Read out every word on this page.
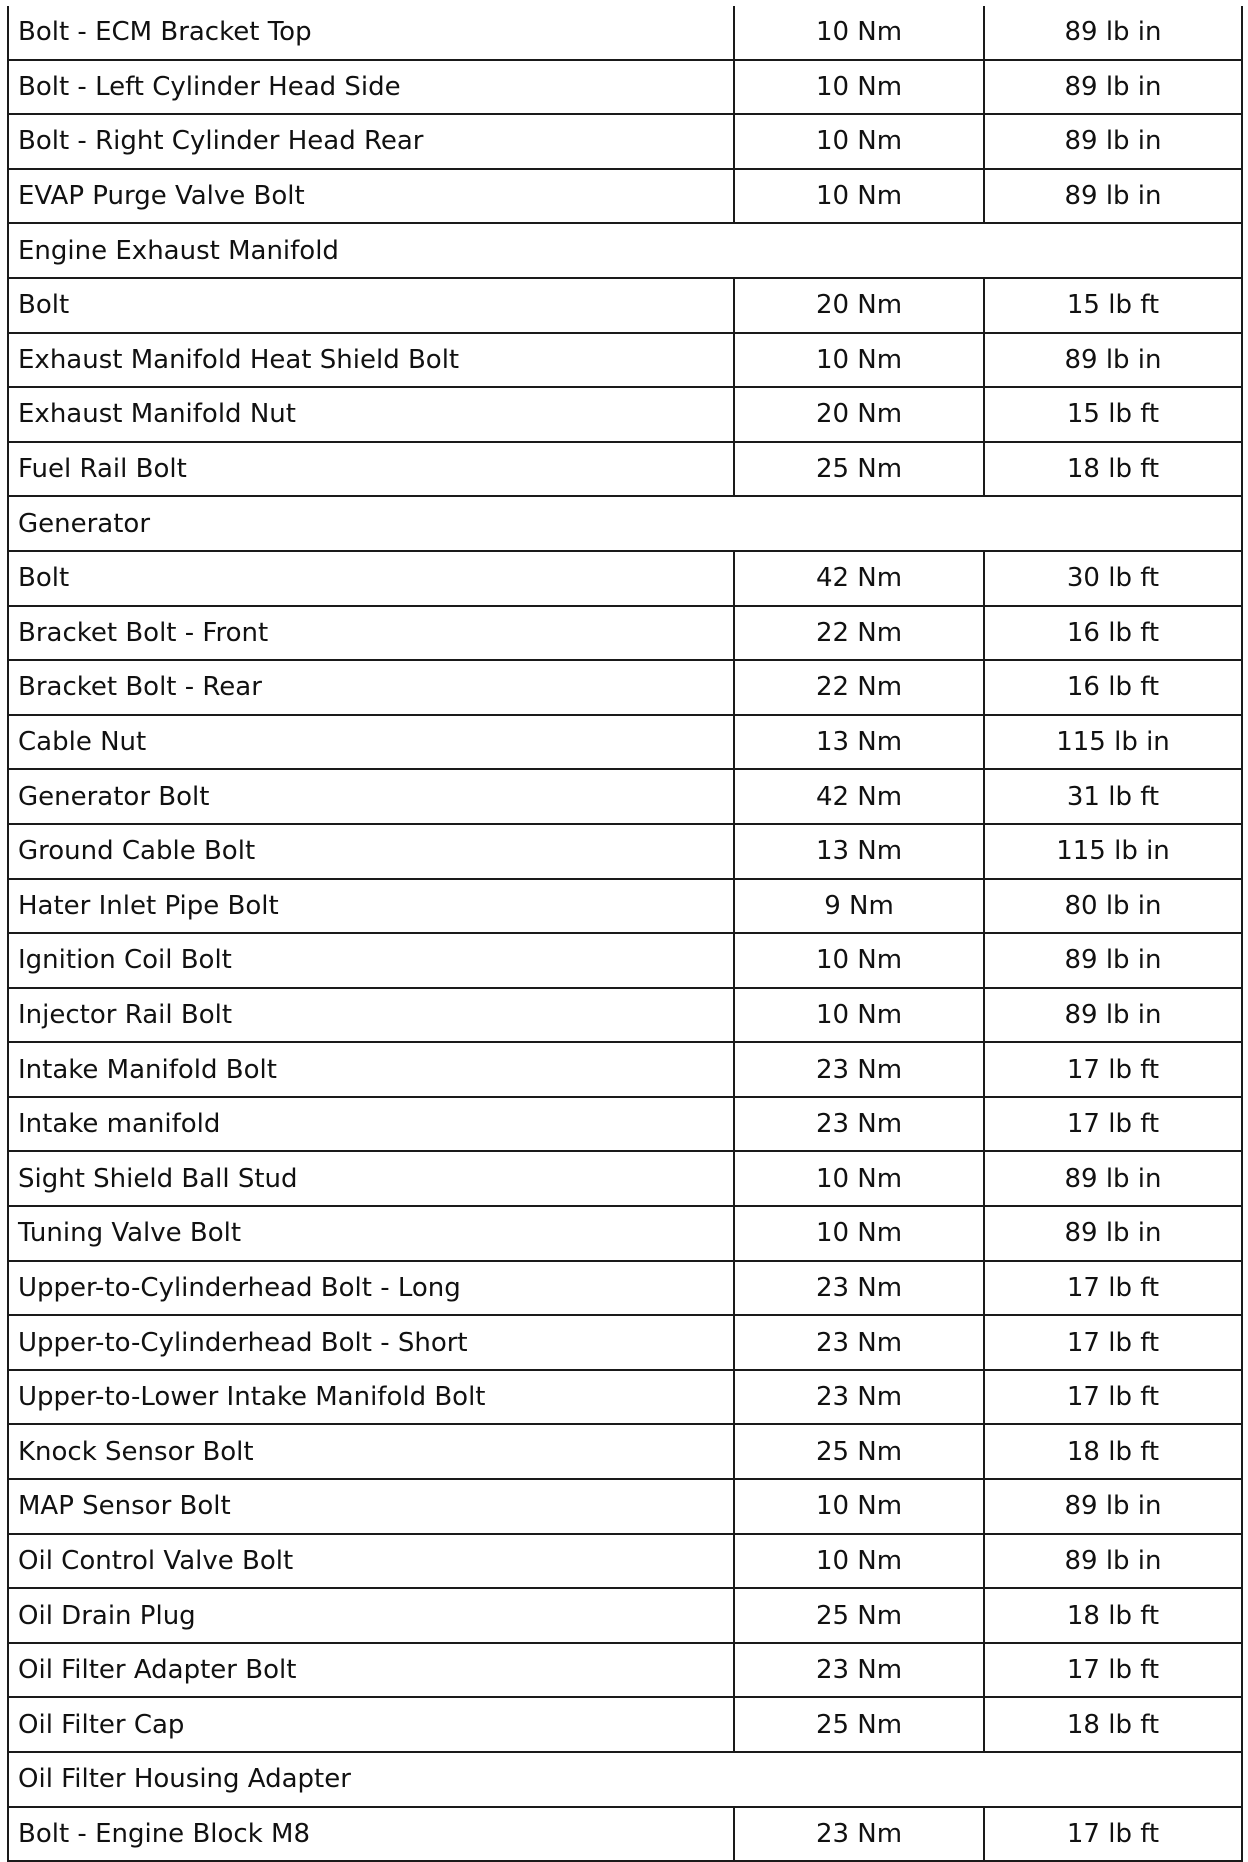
Bolt - ECM Bracket Top	10 Nm	89 lb in
Bolt - Left Cylinder Head Side	10 Nm	89 lb in
Bolt - Right Cylinder Head Rear	10 Nm	89 lb in
EVAP Purge Valve Bolt	10 Nm	89 lb in
Engine Exhaust Manifold		
Bolt	20 Nm	15 lb ft
Exhaust Manifold Heat Shield Bolt	10 Nm	89 lb in
Exhaust Manifold Nut	20 Nm	15 lb ft
Fuel Rail Bolt	25 Nm	18 lb ft
Generator		
Bolt	42 Nm	30 lb ft
Bracket Bolt - Front	22 Nm	16 lb ft
Bracket Bolt - Rear	22 Nm	16 lb ft
Cable Nut	13 Nm	115 lb in
Generator Bolt	42 Nm	31 lb ft
Ground Cable Bolt	13 Nm	115 lb in
Hater Inlet Pipe Bolt	9 Nm	80 lb in
Ignition Coil Bolt	10 Nm	89 lb in
Injector Rail Bolt	10 Nm	89 lb in
Intake Manifold Bolt	23 Nm	17 lb ft
Intake manifold	23 Nm	17 lb ft
Sight Shield Ball Stud	10 Nm	89 lb in
Tuning Valve Bolt	10 Nm	89 lb in
Upper-to-Cylinderhead Bolt - Long	23 Nm	17 lb ft
Upper-to-Cylinderhead Bolt - Short	23 Nm	17 lb ft
Upper-to-Lower Intake Manifold Bolt	23 Nm	17 lb ft
Knock Sensor Bolt	25 Nm	18 lb ft
MAP Sensor Bolt	10 Nm	89 lb in
Oil Control Valve Bolt	10 Nm	89 lb in
Oil Drain Plug	25 Nm	18 lb ft
Oil Filter Adapter Bolt	23 Nm	17 lb ft
Oil Filter Cap	25 Nm	18 lb ft
Oil Filter Housing Adapter		
Bolt - Engine Block M8	23 Nm	17 lb ft
